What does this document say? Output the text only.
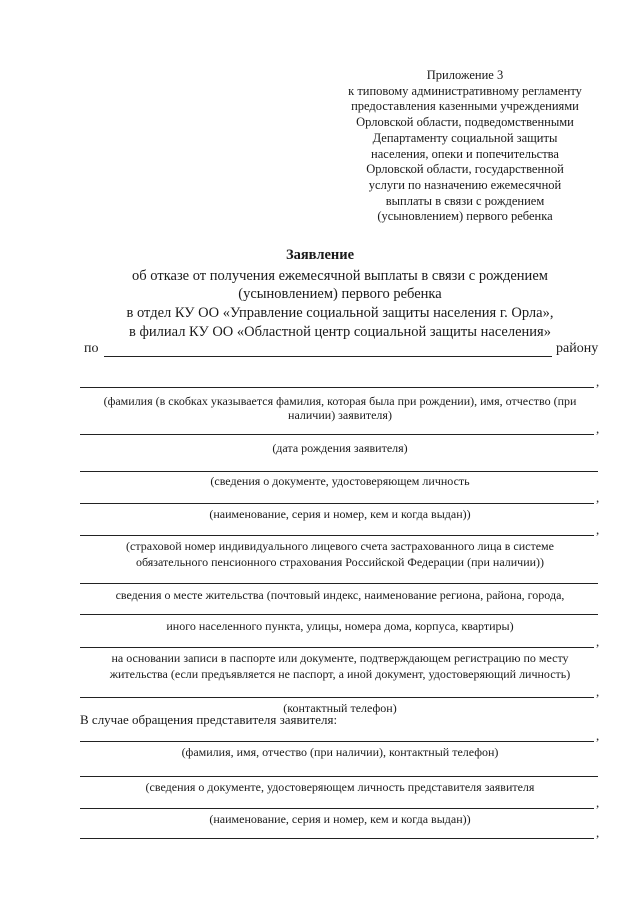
Приложение 3
к типовому административному регламенту
предоставления казенными учреждениями
Орловской области, подведомственными
Департаменту социальной защиты
населения, опеки и попечительства
Орловской области, государственной
услуги по назначению ежемесячной
выплаты в связи с рождением
(усыновлением) первого ребенка
Заявление
об отказе от получения ежемесячной выплаты в связи с рождением
(усыновлением) первого ребенка
в отдел КУ ОО «Управление социальной защиты населения г. Орла»,
в филиал КУ ОО «Областной центр социальной защиты населения»
по	району
,
(фамилия (в скобках указывается фамилия, которая была при рождении), имя, отчество (при
наличии) заявителя)
,
(дата рождения заявителя)
(сведения о документе, удостоверяющем личность
,
(наименование, серия и номер, кем и когда выдан))
,
(страховой номер индивидуального лицевого счета застрахованного лица в системе
обязательного пенсионного страхования Российской Федерации (при наличии))
сведения о месте жительства (почтовый индекс, наименование региона, района, города,
иного населенного пункта, улицы, номера дома, корпуса, квартиры)
,
на основании записи в паспорте или документе, подтверждающем регистрацию по месту
жительства (если предъявляется не паспорт, а иной документ, удостоверяющий личность)
,
(контактный телефон)
В случае обращения представителя заявителя:
,
(фамилия, имя, отчество (при наличии), контактный телефон)
(сведения о документе, удостоверяющем личность представителя заявителя
,
(наименование, серия и номер, кем и когда выдан))
,
